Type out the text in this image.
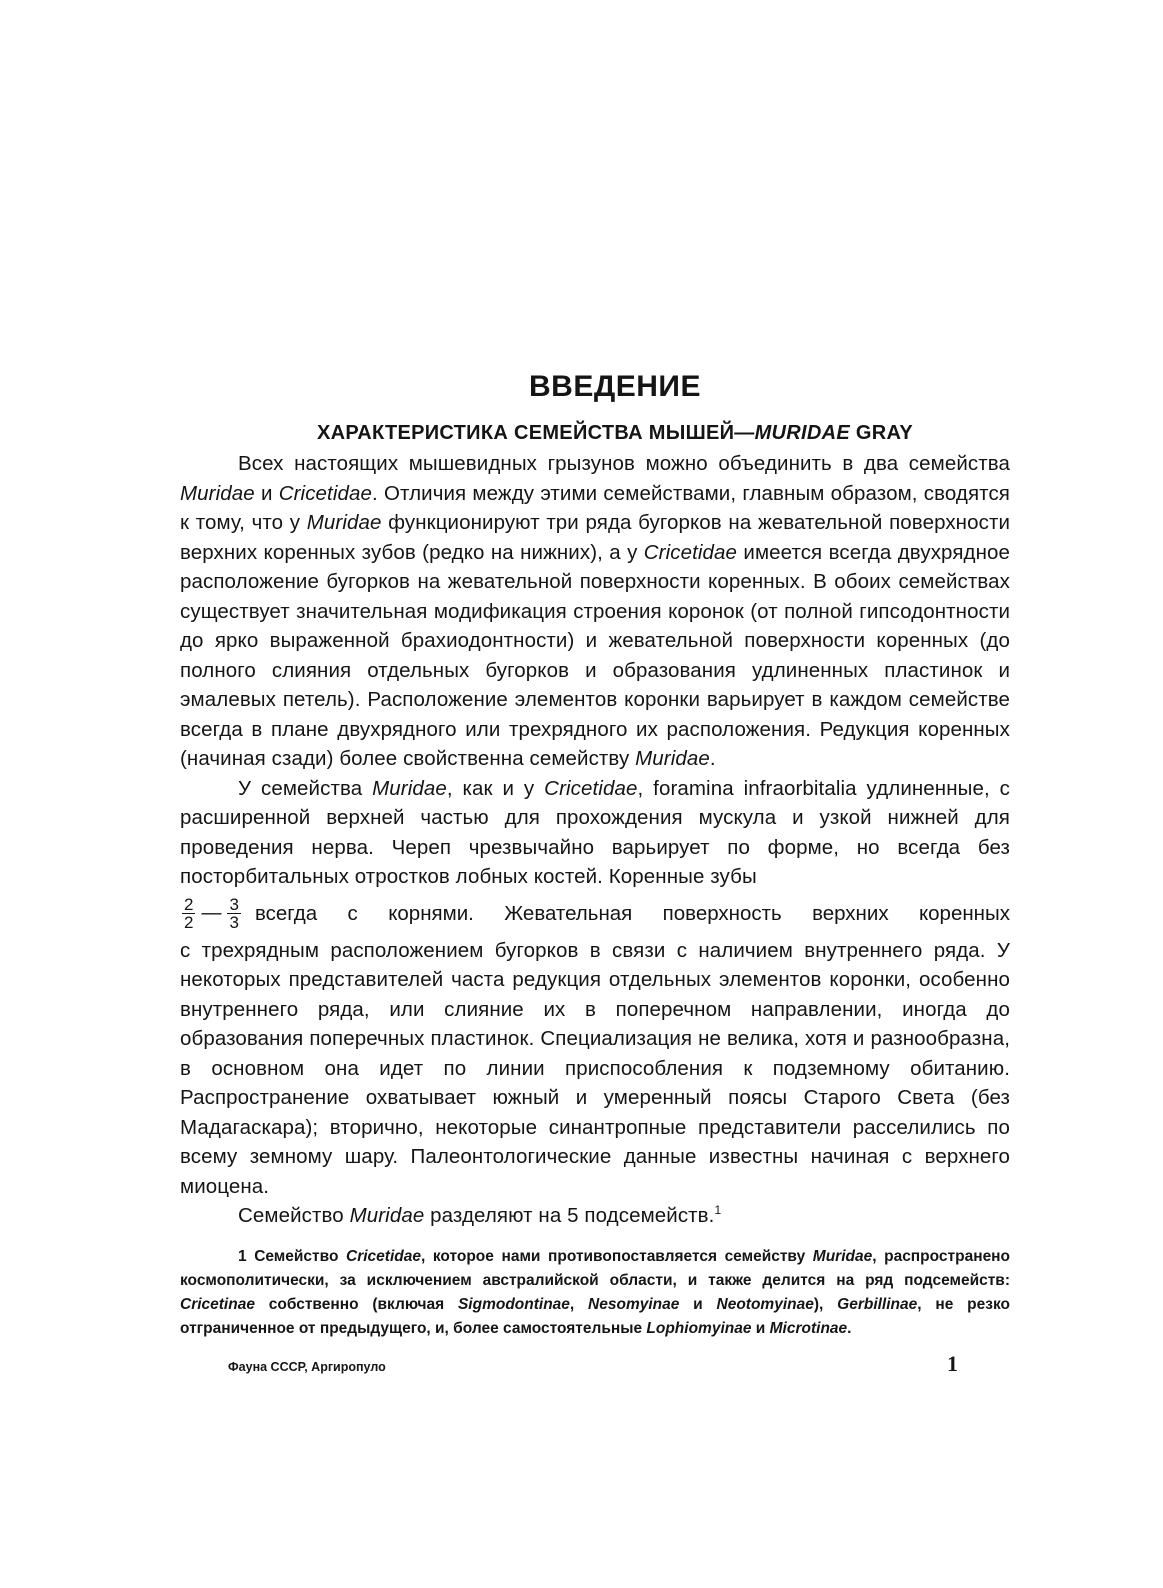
ВВЕДЕНИЕ
ХАРАКТЕРИСТИКА СЕМЕЙСТВА МЫШЕЙ—MURIDAE GRAY

Всех настоящих мышевидных грызунов можно объединить в два семейства Muridae и Cricetidae. Отличия между этими семействами, главным образом, сводятся к тому, что у Muridae функционируют три ряда бугорков на жевательной поверхности верхних коренных зубов (редко на нижних), а у Cricetidae имеется всегда двухрядное расположение бугорков на жевательной поверхности коренных. В обоих семействах существует значительная модификация строения коронок (от полной гипсодонтности до ярко выраженной брахиодонтности) и жевательной поверхности коренных (до полного слияния отдельных бугорков и образования удлиненных пластинок и эмалевых петель). Расположение элементов коронки варьирует в каждом семействе всегда в плане двухрядного или трехрядного их расположения. Редукция коренных (начиная сзади) более свойственна семейству Muridae.

У семейства Muridae, как и у Cricetidae, foramina infraorbitalia удлиненные, с расширенной верхней частью для прохождения мускула и узкой нижней для проведения нерва. Череп чрезвычайно варьирует по форме, но всегда без посторбитальных отростков лобных костей. Коренные зубы

$\frac{2}{2}$ — $\frac{3}{3}$ всегда с корнями. Жевательная поверхность верхних коренных

с трехрядным расположением бугорков в связи с наличием внутреннего ряда. У некоторых представителей часта редукция отдельных элементов коронки, особенно внутреннего ряда, или слияние их в поперечном направлении, иногда до образования поперечных пластинок. Специализация не велика, хотя и разнообразна, в основном она идет по линии приспособления к подземному обитанию. Распространение охватывает южный и умеренный поясы Старого Света (без Мадагаскара); вторично, некоторые синантропные представители расселились по всему земному шару. Палеонтологические данные известны начиная с верхнего миоцена.

Семейство Muridae разделяют на 5 подсемейств.$^1$

1 Семейство Cricetidae, которое нами противопоставляется семейству Muridae, распространено космополитически, за исключением австралийской области, и также делится на ряд подсемейств: Cricetinae собственно (включая Sigmodontinae, Nesomyinae и Neotomyinae), Gerbillinae, не резко отграниченное от предыдущего, и, более самостоятельные Lophiomyinae и Microtinae.

Фауна СССР, Аргиропуло	1
